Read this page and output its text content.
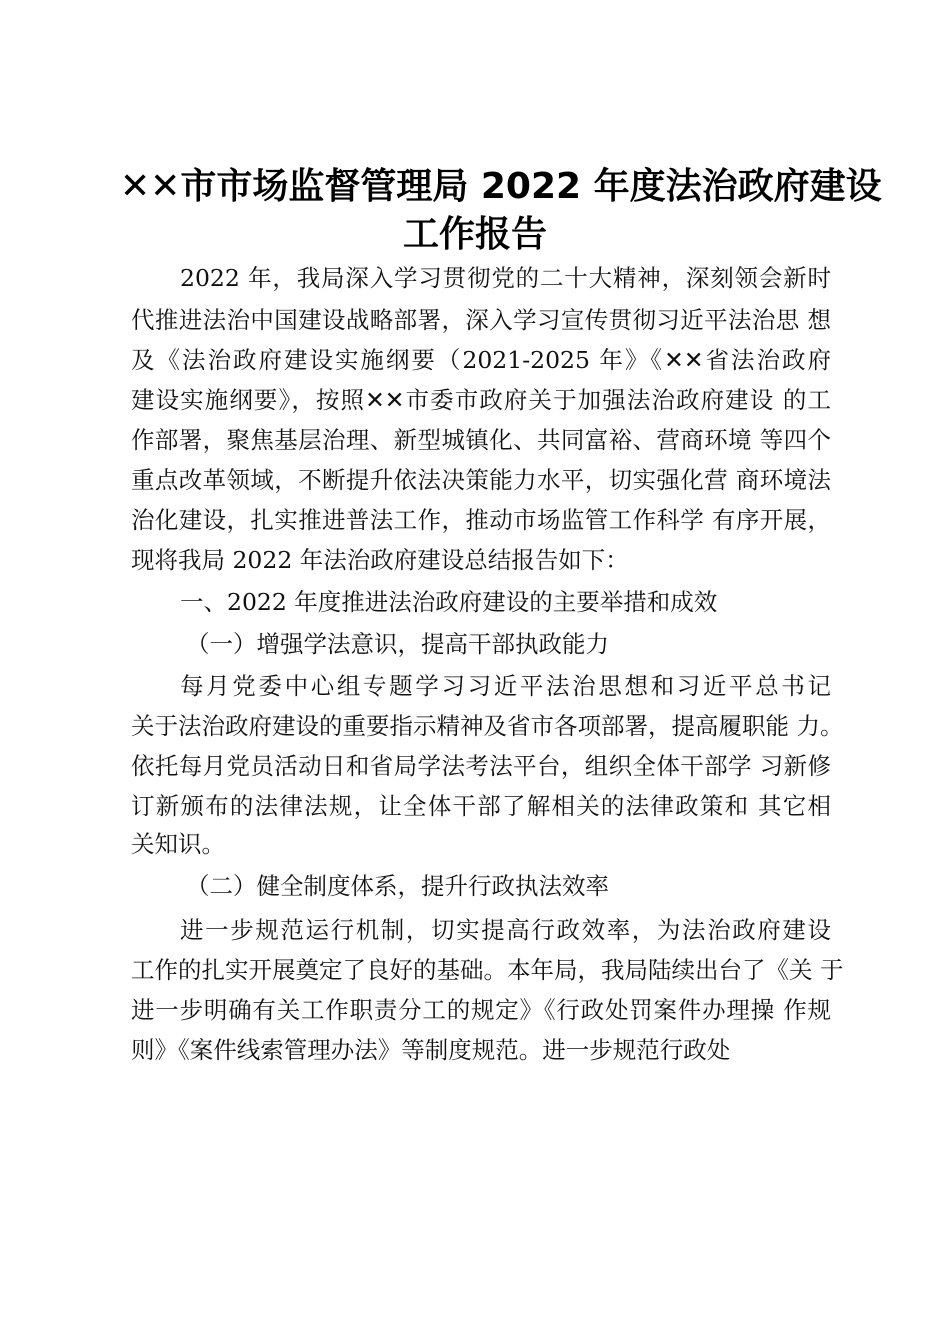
✕✕市市场监督管理局 2022 年度法治政府建设
工作报告
2022 年，我局深入学习贯彻党的二十大精神，深刻领会新时
代推进法治中国建设战略部署，深入学习宣传贯彻习近平法治思 想
及《法治政府建设实施纲要（2021-2025 年》《✕✕省法治政府
建设实施纲要》，按照✕✕市委市政府关于加强法治政府建设 的工
作部署，聚焦基层治理、新型城镇化、共同富裕、营商环境 等四个
重点改革领域，不断提升依法决策能力水平，切实强化营 商环境法
治化建设，扎实推进普法工作，推动市场监管工作科学 有序开展，
现将我局 2022 年法治政府建设总结报告如下：
一、2022 年度推进法治政府建设的主要举措和成效
（一）增强学法意识，提高干部执政能力
每月党委中心组专题学习习近平法治思想和习近平总书记
关于法治政府建设的重要指示精神及省市各项部署，提高履职能 力。
依托每月党员活动日和省局学法考法平台，组织全体干部学 习新修
订新颁布的法律法规，让全体干部了解相关的法律政策和 其它相
关知识。
（二）健全制度体系，提升行政执法效率
进一步规范运行机制，切实提高行政效率，为法治政府建设
工作的扎实开展奠定了良好的基础。本年局，我局陆续出台了《关 于
进一步明确有关工作职责分工的规定》《行政处罚案件办理操 作规
则》《案件线索管理办法》等制度规范。进一步规范行政处
